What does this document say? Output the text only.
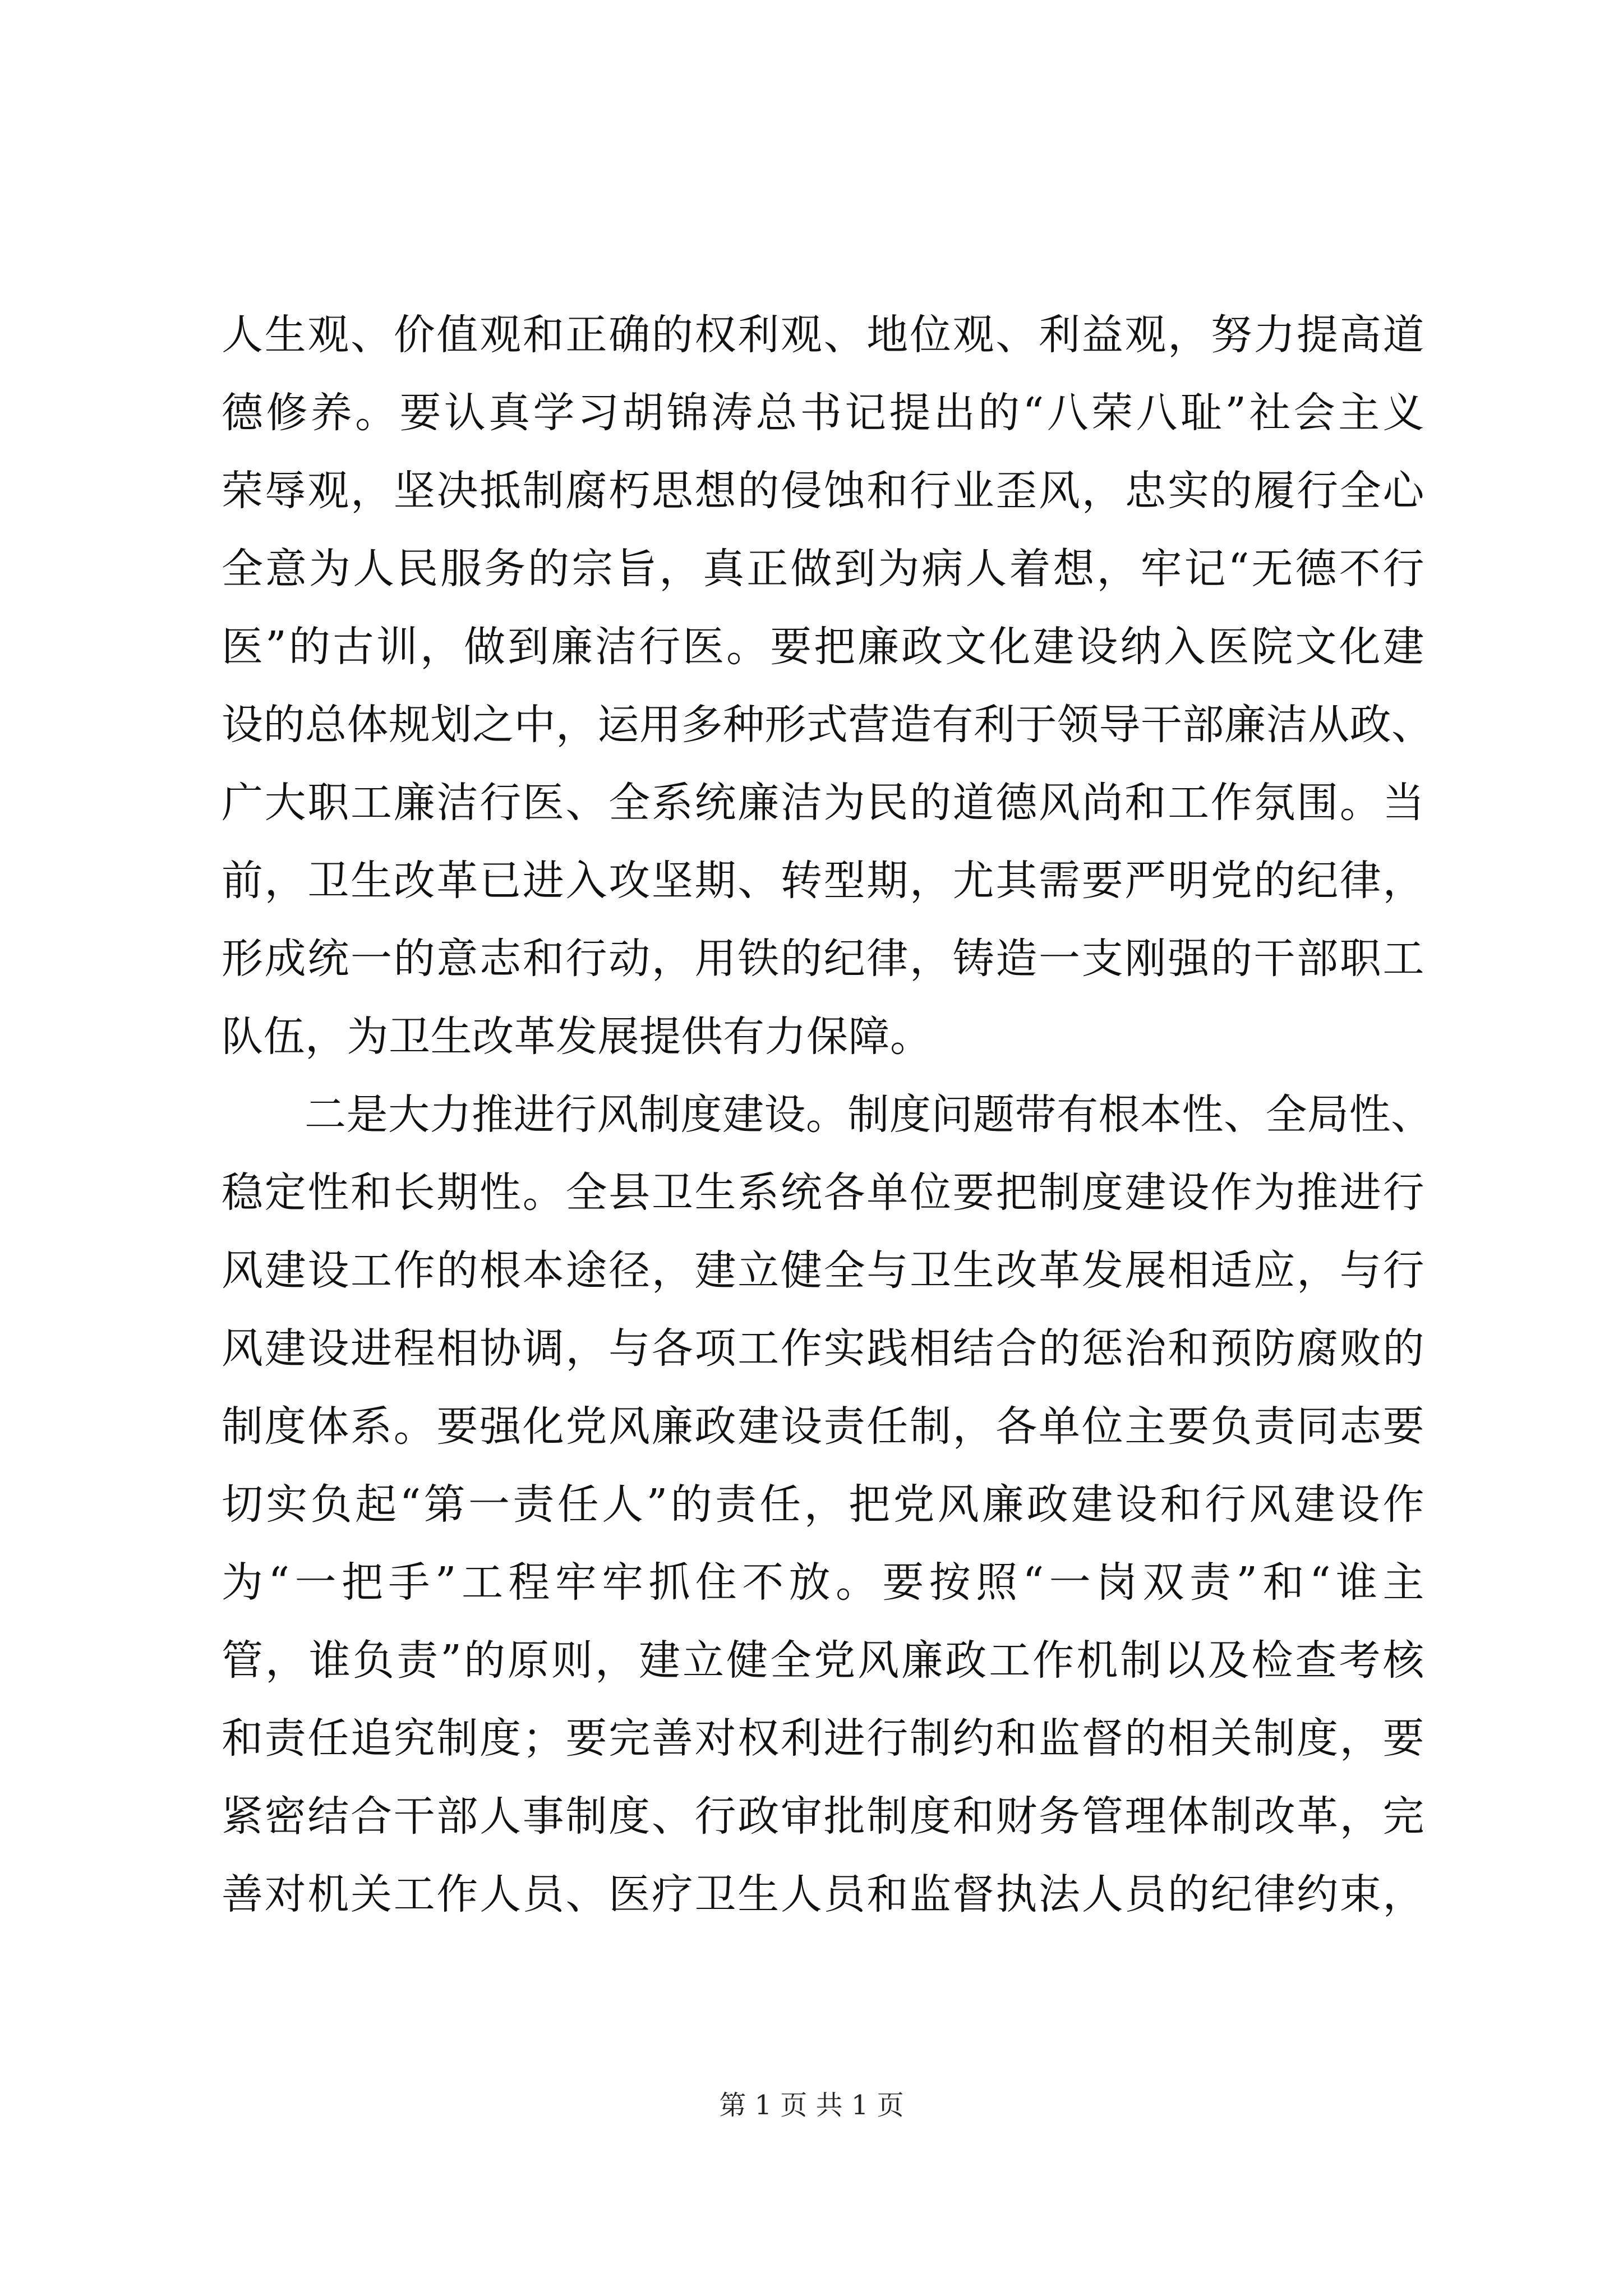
人生观、价值观和正确的权利观、地位观、利益观，努力提高道
德修养。要认真学习胡锦涛总书记提出的“八荣八耻”社会主义
荣辱观，坚决抵制腐朽思想的侵蚀和行业歪风，忠实的履行全心
全意为人民服务的宗旨，真正做到为病人着想，牢记“无德不行
医”的古训，做到廉洁行医。要把廉政文化建设纳入医院文化建
设的总体规划之中，运用多种形式营造有利于领导干部廉洁从政、
广大职工廉洁行医、全系统廉洁为民的道德风尚和工作氛围。当
前，卫生改革已进入攻坚期、转型期，尤其需要严明党的纪律，
形成统一的意志和行动，用铁的纪律，铸造一支刚强的干部职工
队伍，为卫生改革发展提供有力保障。
二是大力推进行风制度建设。制度问题带有根本性、全局性、
稳定性和长期性。全县卫生系统各单位要把制度建设作为推进行
风建设工作的根本途径，建立健全与卫生改革发展相适应，与行
风建设进程相协调，与各项工作实践相结合的惩治和预防腐败的
制度体系。要强化党风廉政建设责任制，各单位主要负责同志要
切实负起“第一责任人”的责任，把党风廉政建设和行风建设作
为“一把手”工程牢牢抓住不放。要按照“一岗双责”和“谁主
管，谁负责”的原则，建立健全党风廉政工作机制以及检查考核
和责任追究制度；要完善对权利进行制约和监督的相关制度，要
紧密结合干部人事制度、行政审批制度和财务管理体制改革，完
善对机关工作人员、医疗卫生人员和监督执法人员的纪律约束，
第 1 页 共 1 页
